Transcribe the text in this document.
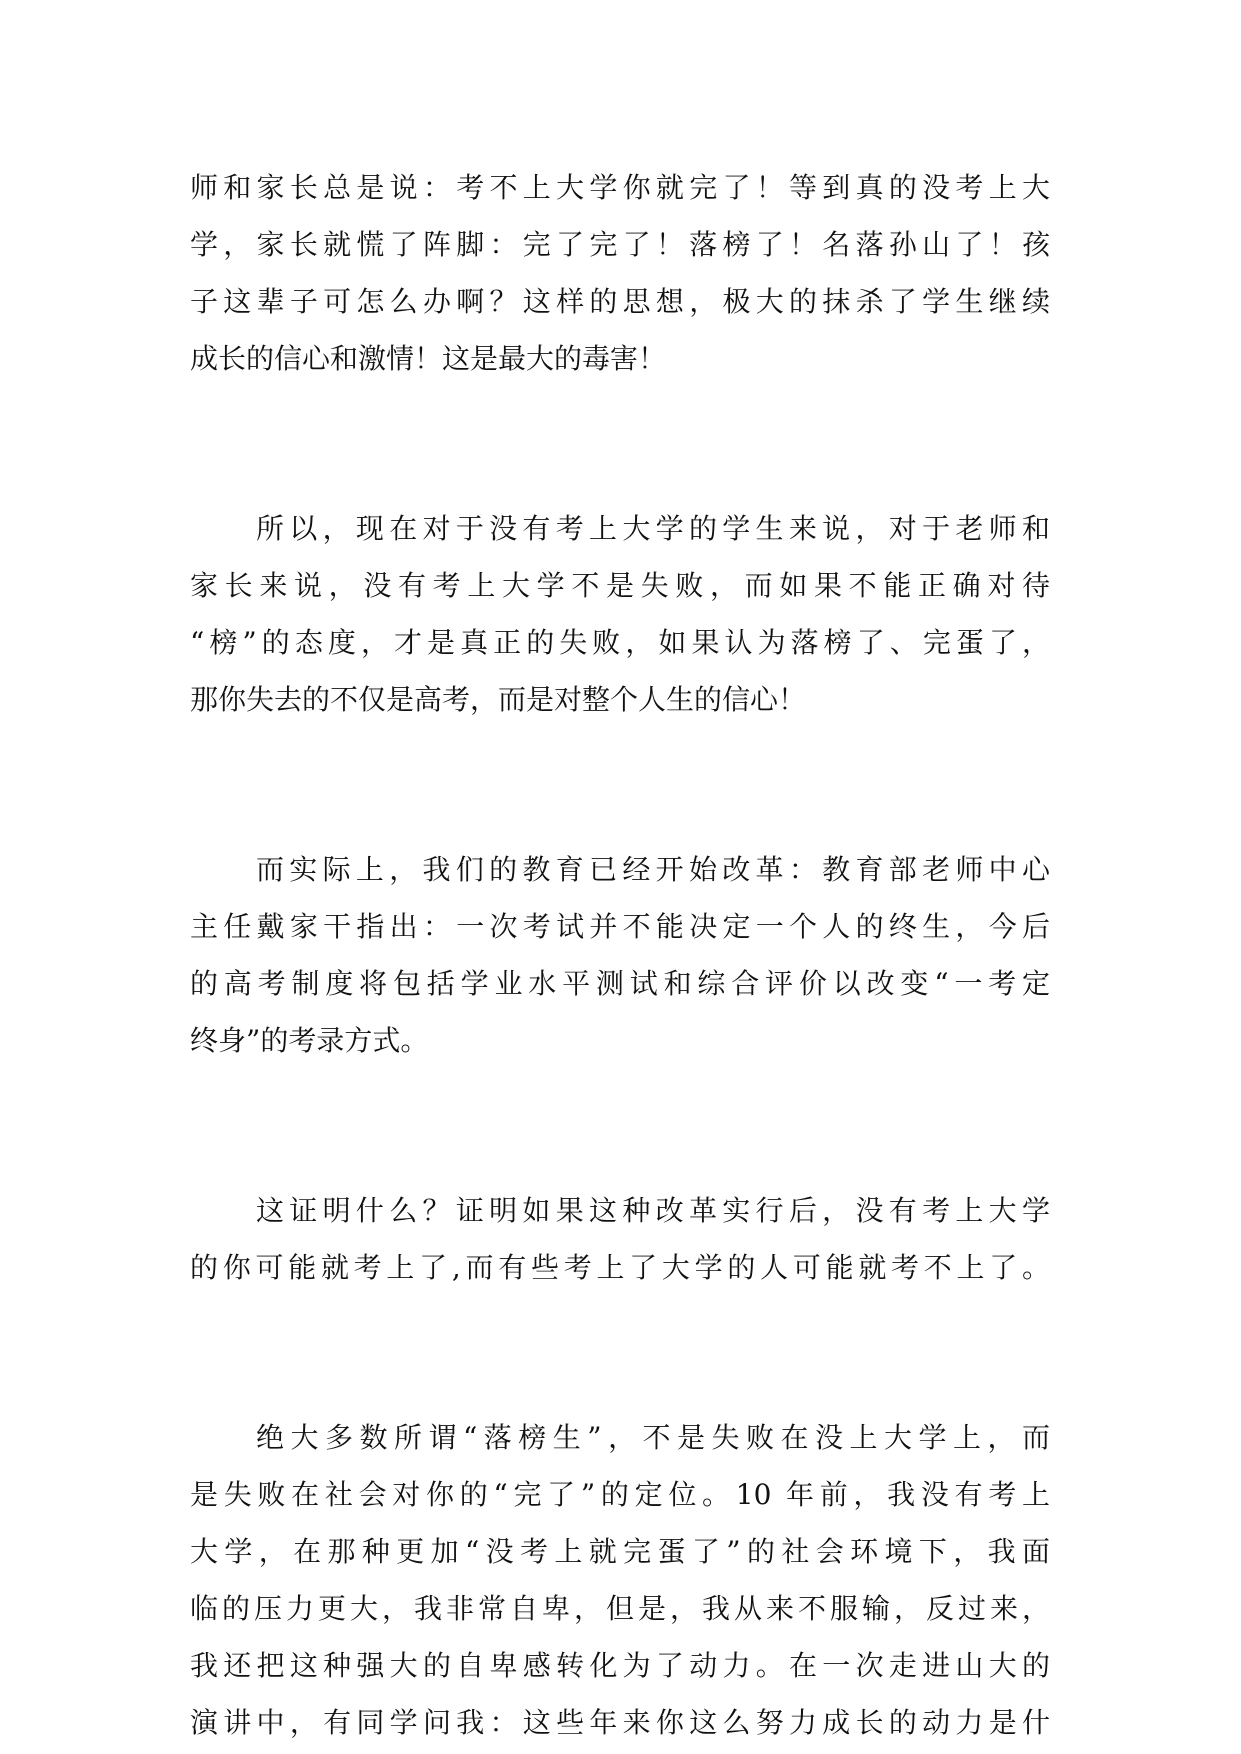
师和家长总是说：考不上大学你就完了！等到真的没考上大
学，家长就慌了阵脚：完了完了！落榜了！名落孙山了！孩
子这辈子可怎么办啊？这样的思想，极大的抹杀了学生继续
成长的信心和激情！这是最大的毒害！
所以，现在对于没有考上大学的学生来说，对于老师和
家长来说，没有考上大学不是失败，而如果不能正确对待
“榜”的态度，才是真正的失败，如果认为落榜了、完蛋了，
那你失去的不仅是高考，而是对整个人生的信心！
而实际上，我们的教育已经开始改革：教育部老师中心
主任戴家干指出：一次考试并不能决定一个人的终生，今后
的高考制度将包括学业水平测试和综合评价以改变“一考定
终身”的考录方式。
这证明什么？证明如果这种改革实行后，没有考上大学
的你可能就考上了,而有些考上了大学的人可能就考不上了。
绝大多数所谓“落榜生”，不是失败在没上大学上，而
是失败在社会对你的“完了”的定位。10 年前，我没有考上
大学，在那种更加“没考上就完蛋了”的社会环境下，我面
临的压力更大，我非常自卑，但是，我从来不服输，反过来，
我还把这种强大的自卑感转化为了动力。在一次走进山大的
演讲中，有同学问我：这些年来你这么努力成长的动力是什
